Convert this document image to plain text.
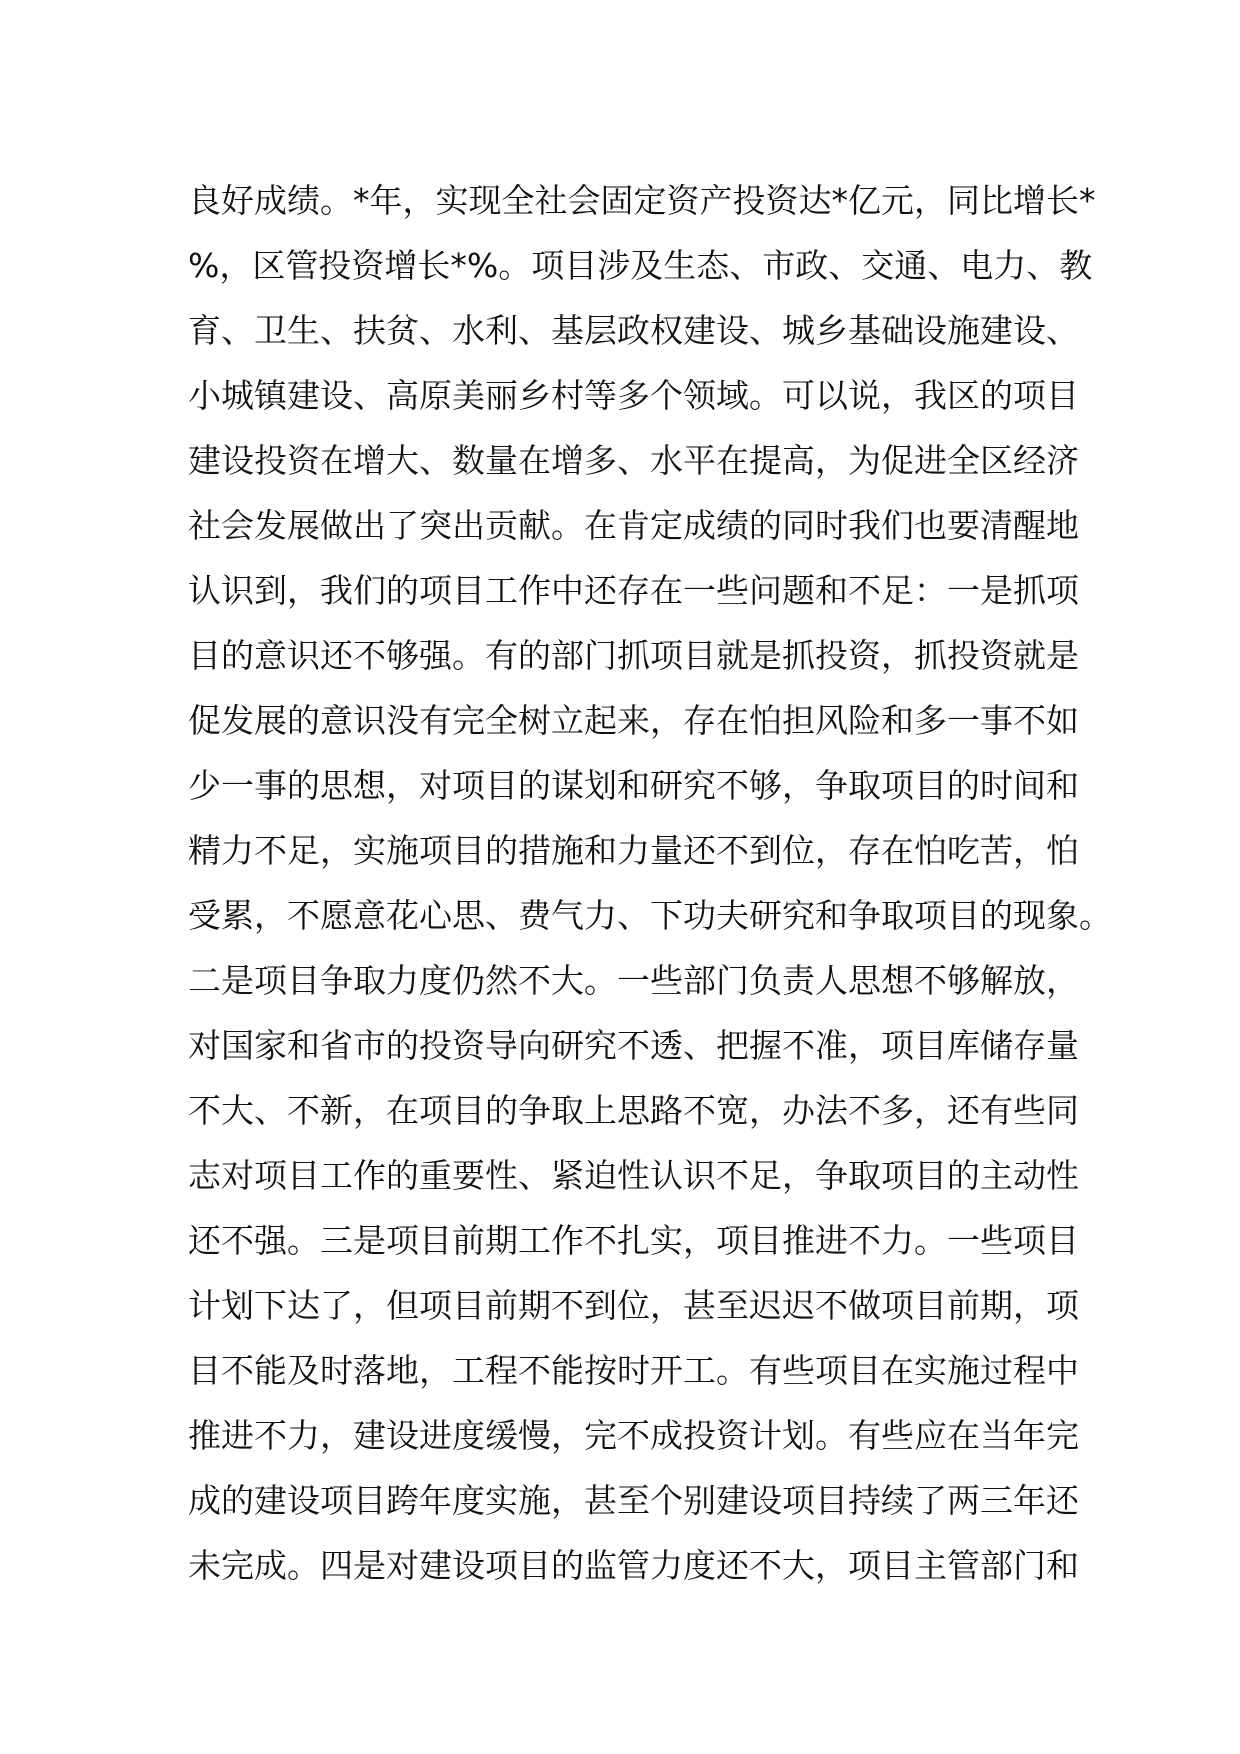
良好成绩。*年，实现全社会固定资产投资达*亿元，同比增长*
%，区管投资增长*%。项目涉及生态、市政、交通、电力、教
育、卫生、扶贫、水利、基层政权建设、城乡基础设施建设、
小城镇建设、高原美丽乡村等多个领域。可以说，我区的项目
建设投资在增大、数量在增多、水平在提高，为促进全区经济
社会发展做出了突出贡献。在肯定成绩的同时我们也要清醒地
认识到，我们的项目工作中还存在一些问题和不足：一是抓项
目的意识还不够强。有的部门抓项目就是抓投资，抓投资就是
促发展的意识没有完全树立起来，存在怕担风险和多一事不如
少一事的思想，对项目的谋划和研究不够，争取项目的时间和
精力不足，实施项目的措施和力量还不到位，存在怕吃苦，怕
受累，不愿意花心思、费气力、下功夫研究和争取项目的现象。
二是项目争取力度仍然不大。一些部门负责人思想不够解放，
对国家和省市的投资导向研究不透、把握不准，项目库储存量
不大、不新，在项目的争取上思路不宽，办法不多，还有些同
志对项目工作的重要性、紧迫性认识不足，争取项目的主动性
还不强。三是项目前期工作不扎实，项目推进不力。一些项目
计划下达了，但项目前期不到位，甚至迟迟不做项目前期，项
目不能及时落地，工程不能按时开工。有些项目在实施过程中
推进不力，建设进度缓慢，完不成投资计划。有些应在当年完
成的建设项目跨年度实施，甚至个别建设项目持续了两三年还
未完成。四是对建设项目的监管力度还不大，项目主管部门和
